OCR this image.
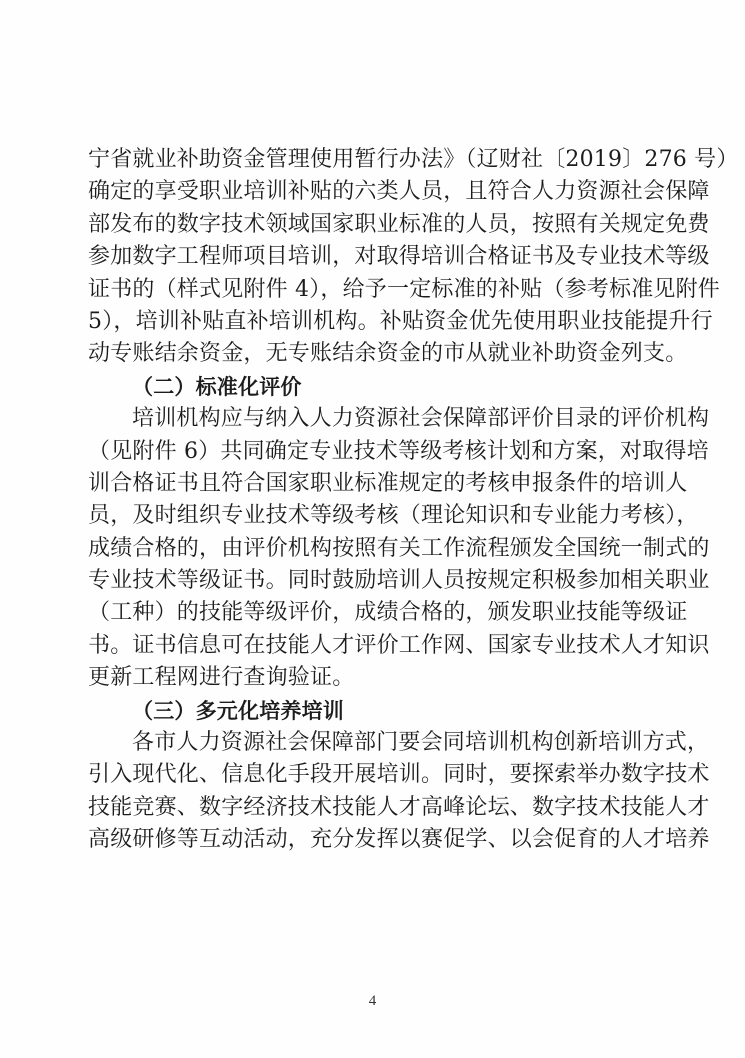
宁省就业补助资金管理使用暂行办法》（辽财社〔2019〕276 号）
确定的享受职业培训补贴的六类人员，且符合人力资源社会保障
部发布的数字技术领域国家职业标准的人员，按照有关规定免费
参加数字工程师项目培训，对取得培训合格证书及专业技术等级
证书的（样式见附件 4），给予一定标准的补贴（参考标准见附件
5），培训补贴直补培训机构。补贴资金优先使用职业技能提升行
动专账结余资金，无专账结余资金的市从就业补助资金列支。
（二）标准化评价
培训机构应与纳入人力资源社会保障部评价目录的评价机构
（见附件 6）共同确定专业技术等级考核计划和方案，对取得培
训合格证书且符合国家职业标准规定的考核申报条件的培训人
员，及时组织专业技术等级考核（理论知识和专业能力考核），
成绩合格的，由评价机构按照有关工作流程颁发全国统一制式的
专业技术等级证书。同时鼓励培训人员按规定积极参加相关职业
（工种）的技能等级评价，成绩合格的，颁发职业技能等级证
书。证书信息可在技能人才评价工作网、国家专业技术人才知识
更新工程网进行查询验证。
（三）多元化培养培训
各市人力资源社会保障部门要会同培训机构创新培训方式，
引入现代化、信息化手段开展培训。同时，要探索举办数字技术
技能竞赛、数字经济技术技能人才高峰论坛、数字技术技能人才
高级研修等互动活动，充分发挥以赛促学、以会促育的人才培养
4
